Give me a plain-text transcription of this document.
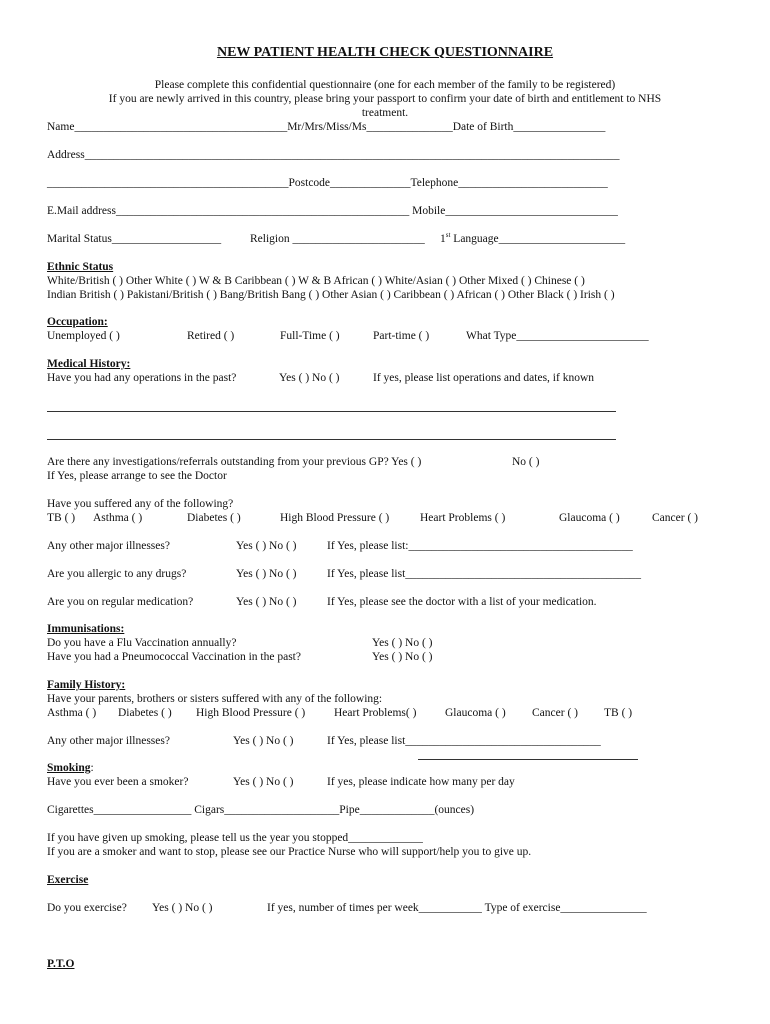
NEW PATIENT HEALTH CHECK QUESTIONNAIRE
Please complete this confidential questionnaire (one for each member of the family to be registered)
If you are newly arrived in this country, please bring your passport to confirm your date of birth and entitlement to NHS
treatment.
Name_____________________________________Mr/Mrs/Miss/Ms_______________Date of Birth________________
Address_____________________________________________________________________________________________
__________________________________________Postcode______________Telephone__________________________
E.Mail address___________________________________________________ Mobile______________________________
Marital Status___________________	Religion _______________________ 1st Language______________________
Ethnic Status
White/British ( ) Other White ( ) W & B Caribbean ( ) W & B African ( ) White/Asian ( ) Other Mixed ( ) Chinese ( )
Indian British ( ) Pakistani/British ( ) Bang/British Bang ( ) Other Asian ( ) Caribbean ( ) African ( ) Other Black ( ) Irish ( )
Occupation:
Unemployed ( )	Retired ( )	Full-Time ( )	Part-time ( )	What Type_______________________
Medical History:
Have you had any operations in the past?	Yes ( ) No ( )	If yes, please list operations and dates, if known
Are there any investigations/referrals outstanding from your previous GP? Yes ( )	No ( )
If Yes, please arrange to see the Doctor
Have you suffered any of the following?
TB ( ) Asthma ( )	Diabetes ( )	High Blood Pressure ( )	Heart Problems ( )	Glaucoma ( )	Cancer ( )
Any other major illnesses?	Yes ( ) No ( )	If Yes, please list:_______________________________________
Are you allergic to any drugs?	Yes ( ) No ( )	If Yes, please list_________________________________________
Are you on regular medication?	Yes ( ) No ( )	If Yes, please see the doctor with a list of your medication.
Immunisations:
Do you have a Flu Vaccination annually?	Yes ( ) No ( )
Have you had a Pneumococcal Vaccination in the past?	Yes ( ) No ( )
Family History:
Have your parents, brothers or sisters suffered with any of the following:
Asthma ( ) Diabetes ( ) High Blood Pressure ( )	Heart Problems( ) Glaucoma ( ) Cancer ( ) TB ( )
Any other major illnesses?	Yes ( ) No ( )	If Yes, please list__________________________________
Smoking:
Have you ever been a smoker?	Yes ( ) No ( )	If yes, please indicate how many per day
Cigarettes_________________ Cigars____________________Pipe_____________(ounces)
If you have given up smoking, please tell us the year you stopped_____________
If you are a smoker and want to stop, please see our Practice Nurse who will support/help you to give up.
Exercise
Do you exercise? Yes ( ) No ( )	If yes, number of times per week___________ Type of exercise_______________
P.T.O
